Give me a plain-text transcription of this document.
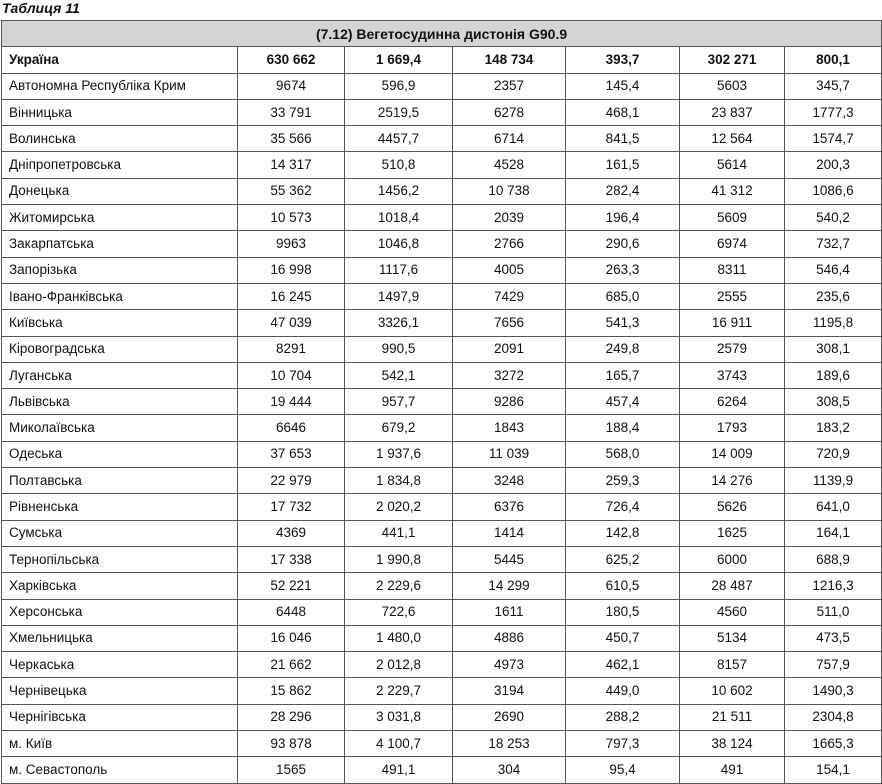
Таблиця 11
(7.12) Вегетосудинна дистонія G90.9						
Україна	630 662	1 669,4	148 734	393,7	302 271	800,1
Автономна Республіка Крим	9674	596,9	2357	145,4	5603	345,7
Вінницька	33 791	2519,5	6278	468,1	23 837	1777,3
Волинська	35 566	4457,7	6714	841,5	12 564	1574,7
Дніпропетровська	14 317	510,8	4528	161,5	5614	200,3
Донецька	55 362	1456,2	10 738	282,4	41 312	1086,6
Житомирська	10 573	1018,4	2039	196,4	5609	540,2
Закарпатська	9963	1046,8	2766	290,6	6974	732,7
Запорізька	16 998	1117,6	4005	263,3	8311	546,4
Івано-Франківська	16 245	1497,9	7429	685,0	2555	235,6
Київська	47 039	3326,1	7656	541,3	16 911	1195,8
Кіровоградська	8291	990,5	2091	249,8	2579	308,1
Луганська	10 704	542,1	3272	165,7	3743	189,6
Львівська	19 444	957,7	9286	457,4	6264	308,5
Миколаївська	6646	679,2	1843	188,4	1793	183,2
Одеська	37 653	1 937,6	11 039	568,0	14 009	720,9
Полтавська	22 979	1 834,8	3248	259,3	14 276	1139,9
Рівненська	17 732	2 020,2	6376	726,4	5626	641,0
Сумська	4369	441,1	1414	142,8	1625	164,1
Тернопільська	17 338	1 990,8	5445	625,2	6000	688,9
Харківська	52 221	2 229,6	14 299	610,5	28 487	1216,3
Херсонська	6448	722,6	1611	180,5	4560	511,0
Хмельницька	16 046	1 480,0	4886	450,7	5134	473,5
Черкаська	21 662	2 012,8	4973	462,1	8157	757,9
Чернівецька	15 862	2 229,7	3194	449,0	10 602	1490,3
Чернігівська	28 296	3 031,8	2690	288,2	21 511	2304,8
м. Київ	93 878	4 100,7	18 253	797,3	38 124	1665,3
м. Севастополь	1565	491,1	304	95,4	491	154,1
